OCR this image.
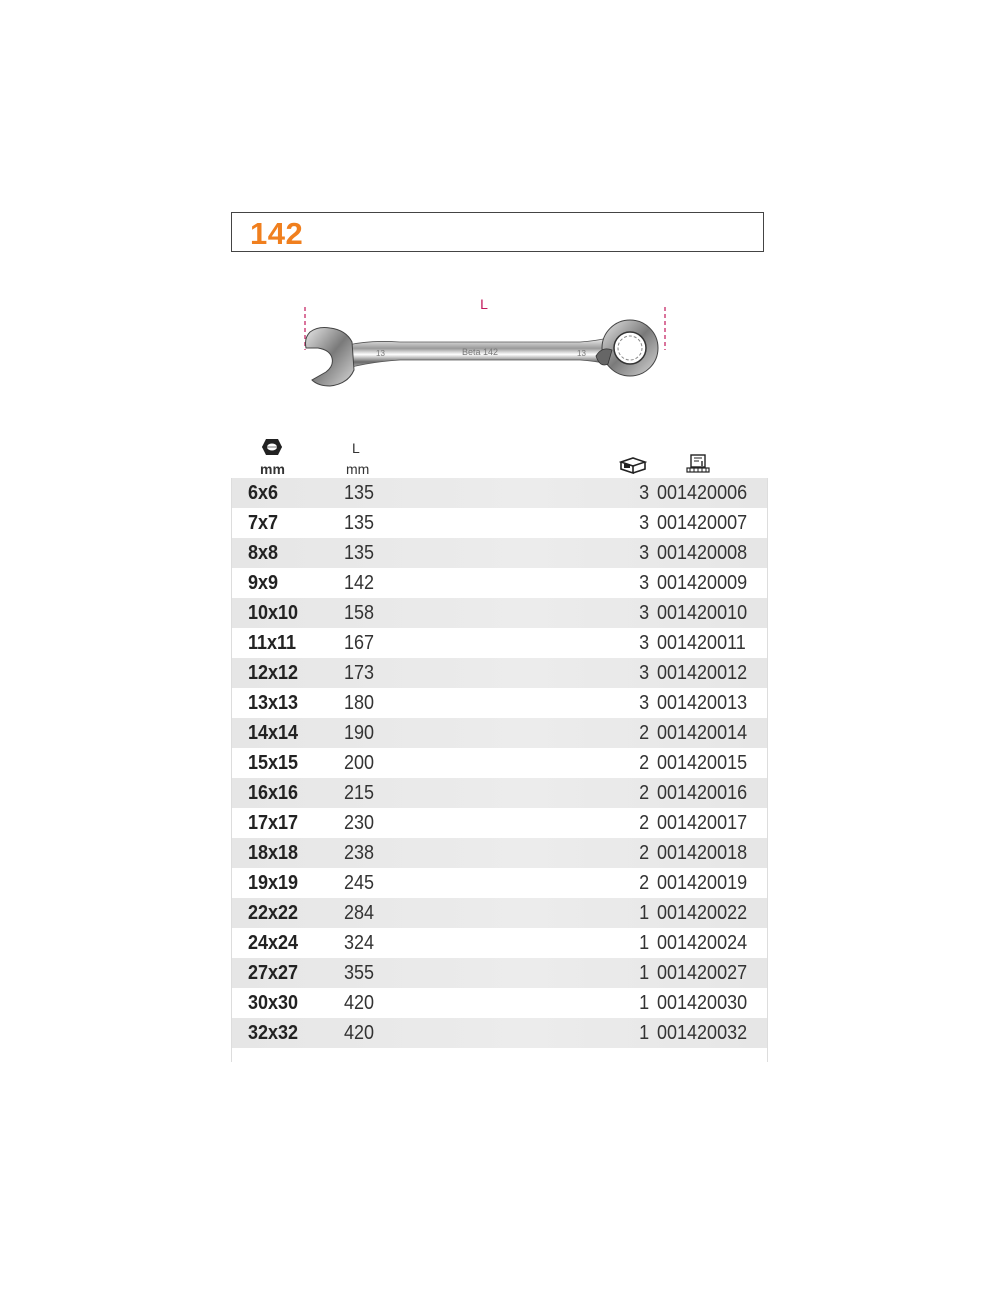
142
L
13	Beta 142	13
mm
L
mm
6x6	135	3 001420006
7x7	135	3 001420007
8x8	135	3 001420008
9x9	142	3 001420009
10x10 158	3 001420010
11x11 167	3 001420011
12x12 173	3 001420012
13x13 180	3 001420013
14x14 190	2 001420014
15x15 200	2 001420015
16x16 215	2 001420016
17x17 230	2 001420017
18x18 238	2 001420018
19x19 245	2 001420019
22x22 284	1 001420022
24x24 324	1 001420024
27x27 355	1 001420027
30x30 420	1 001420030
32x32 420	1 001420032
